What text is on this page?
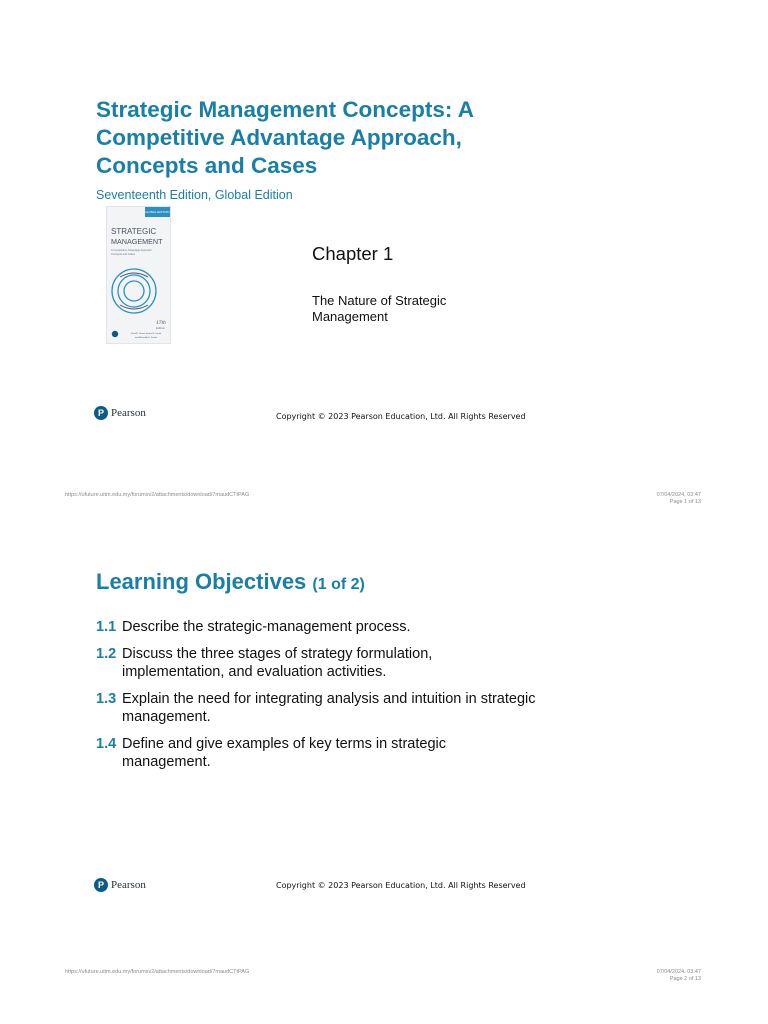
Strategic Management Concepts: A
Competitive Advantage Approach,
Concepts and Cases

Seventeenth Edition, Global Edition

GLOBAL EDITION
STRATEGIC
MANAGEMENT
A Competitive Advantage Approach
Concepts and Cases
17th
Edition
Fred R. David, Forest R. David,
and Meredith E. David

Chapter 1

The Nature of Strategic Management

P Pearson	Copyright © 2023 Pearson Education, Ltd. All Rights Reserved
https://ufuture.uitm.edu.my/forumsv2/attachments/download/7maudCTtPAG	07/04/2024, 03:47
Page 1 of 13
Learning Objectives (1 of 2)
1.1 Describe the strategic-management process.
1.2 Discuss the three stages of strategy formulation, implementation, and evaluation activities.
1.3 Explain the need for integrating analysis and intuition in strategic management.
1.4 Define and give examples of key terms in strategic management.
P Pearson	Copyright © 2023 Pearson Education, Ltd. All Rights Reserved
https://ufuture.uitm.edu.my/forumsv2/attachments/download/7maudCTtPAG	07/04/2024, 03:47
Page 2 of 13
